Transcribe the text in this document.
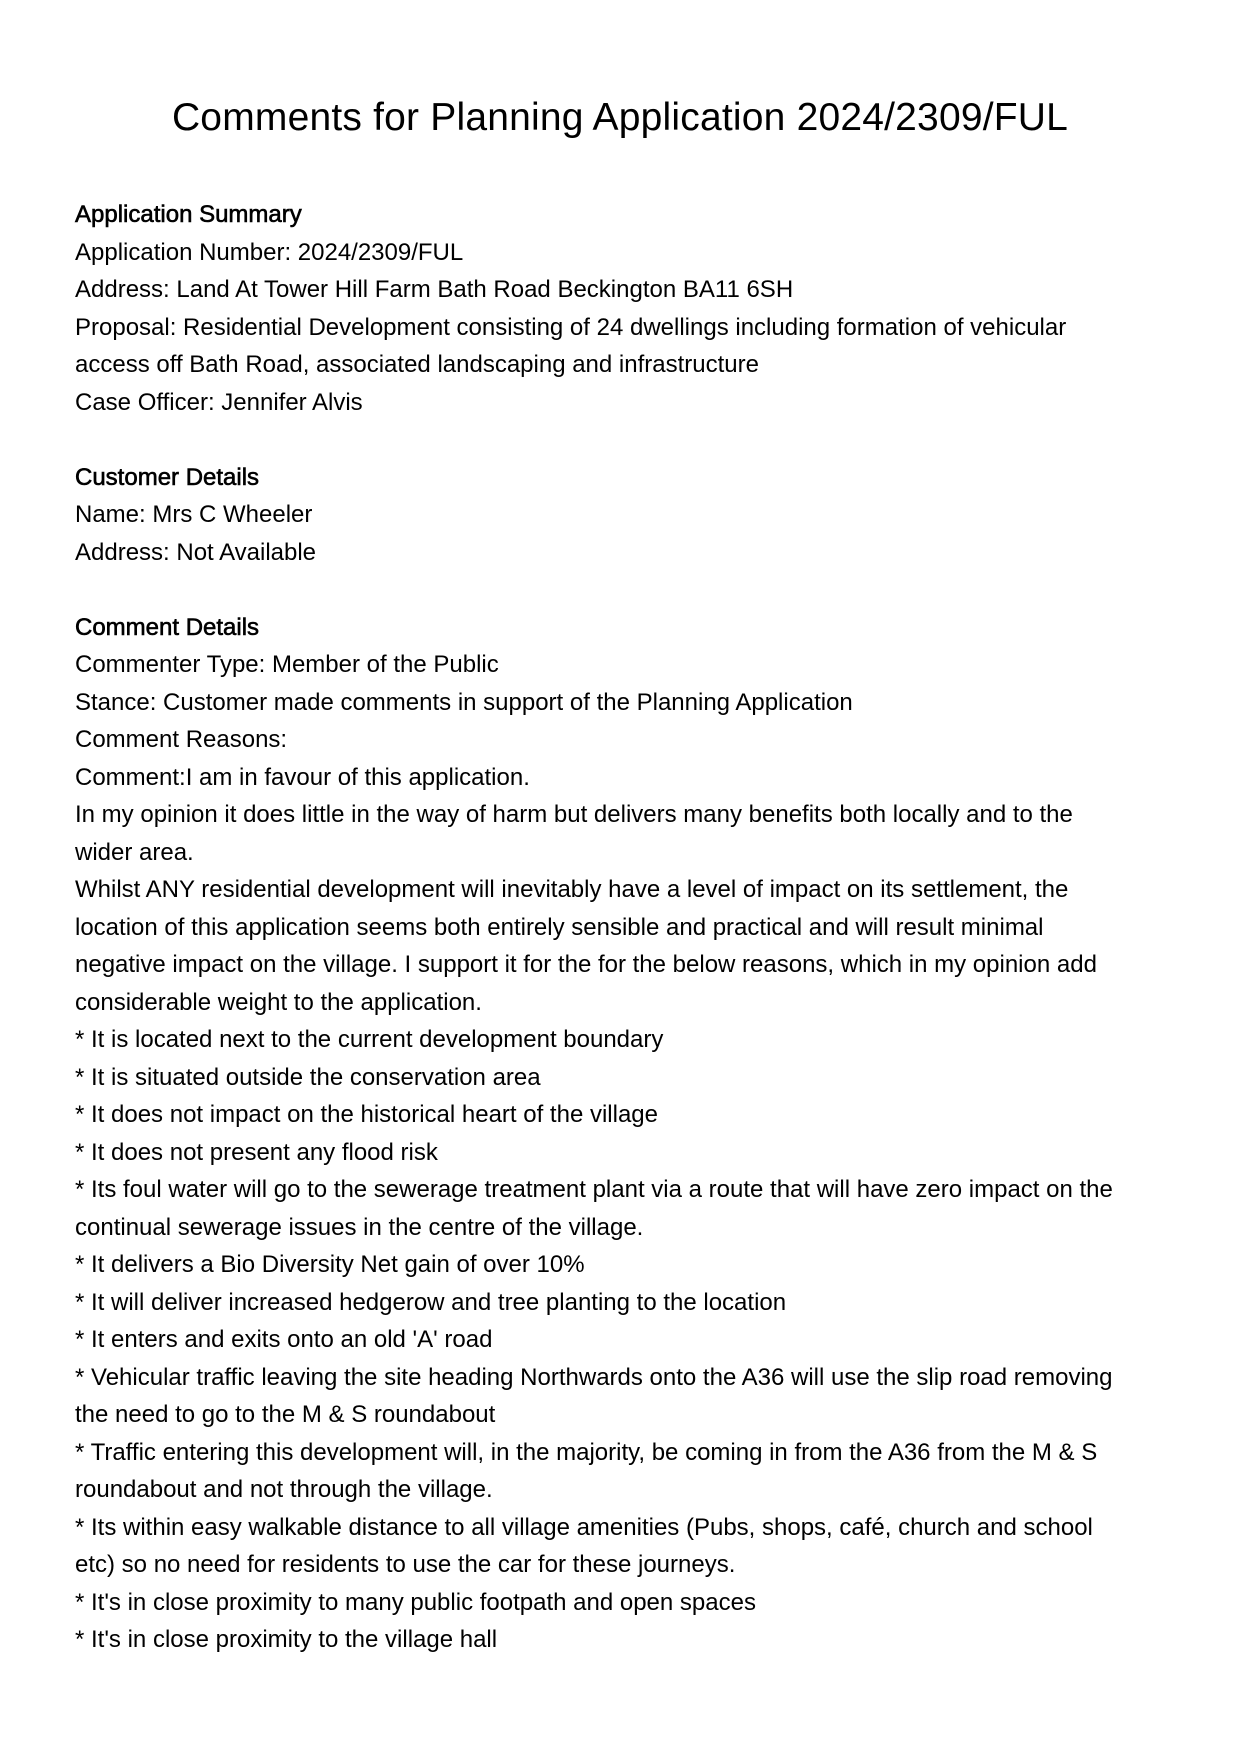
Comments for Planning Application 2024/2309/FUL
Application Summary
Application Number: 2024/2309/FUL
Address: Land At Tower Hill Farm Bath Road Beckington BA11 6SH
Proposal: Residential Development consisting of 24 dwellings including formation of vehicular
access off Bath Road, associated landscaping and infrastructure
Case Officer: Jennifer Alvis
Customer Details
Name: Mrs C Wheeler
Address: Not Available
Comment Details
Commenter Type: Member of the Public
Stance: Customer made comments in support of the Planning Application
Comment Reasons:
Comment:I am in favour of this application.
In my opinion it does little in the way of harm but delivers many benefits both locally and to the
wider area.
Whilst ANY residential development will inevitably have a level of impact on its settlement, the
location of this application seems both entirely sensible and practical and will result minimal
negative impact on the village. I support it for the for the below reasons, which in my opinion add
considerable weight to the application.
* It is located next to the current development boundary
* It is situated outside the conservation area
* It does not impact on the historical heart of the village
* It does not present any flood risk
* Its foul water will go to the sewerage treatment plant via a route that will have zero impact on the
continual sewerage issues in the centre of the village.
* It delivers a Bio Diversity Net gain of over 10%
* It will deliver increased hedgerow and tree planting to the location
* It enters and exits onto an old 'A' road
* Vehicular traffic leaving the site heading Northwards onto the A36 will use the slip road removing
the need to go to the M & S roundabout
* Traffic entering this development will, in the majority, be coming in from the A36 from the M & S
roundabout and not through the village.
* Its within easy walkable distance to all village amenities (Pubs, shops, café, church and school
etc) so no need for residents to use the car for these journeys.
* It's in close proximity to many public footpath and open spaces
* It's in close proximity to the village hall
